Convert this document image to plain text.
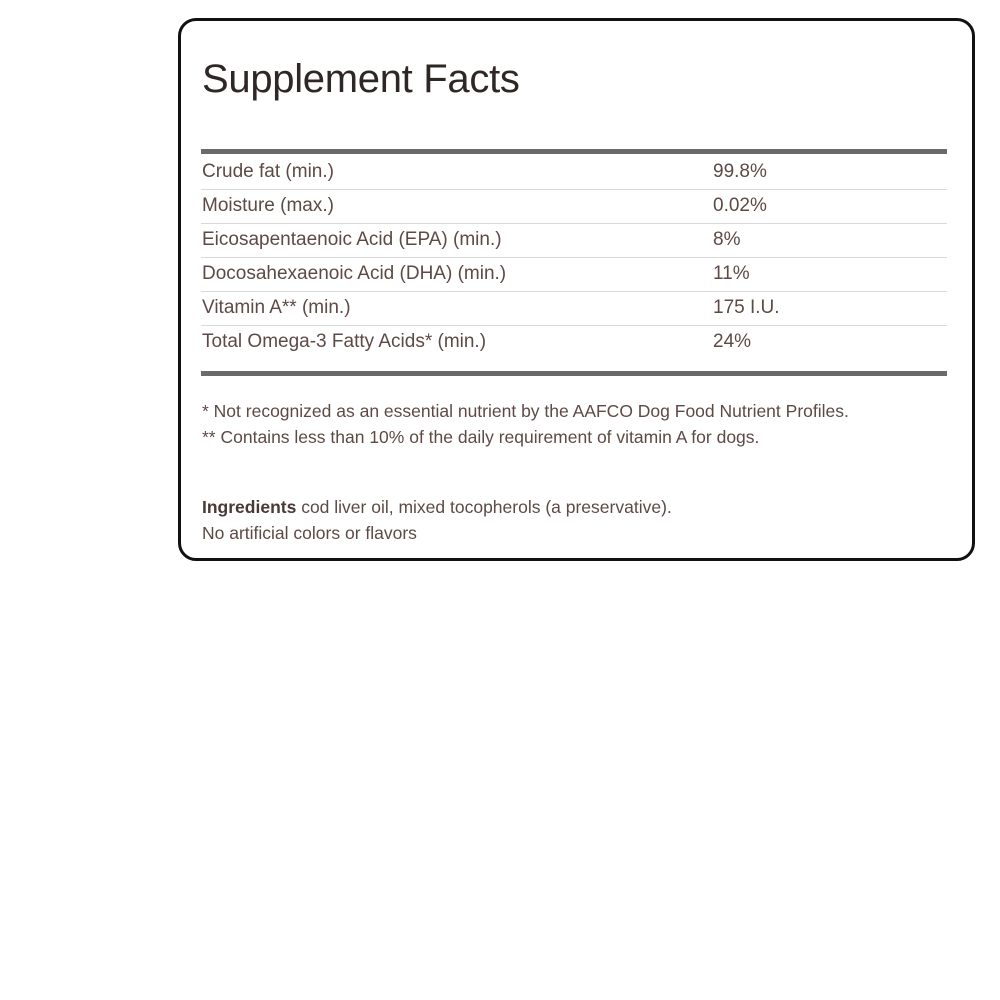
Supplement Facts
Crude fat (min.)	99.8%
Moisture (max.)	0.02%
Eicosapentaenoic Acid (EPA) (min.)	8%
Docosahexaenoic Acid (DHA) (min.)	11%
Vitamin A** (min.)	175 I.U.
Total Omega-3 Fatty Acids* (min.)	24%

* Not recognized as an essential nutrient by the AAFCO Dog Food Nutrient Profiles.

** Contains less than 10% of the daily requirement of vitamin A for dogs.

Ingredients cod liver oil, mixed tocopherols (a preservative).

No artificial colors or flavors
